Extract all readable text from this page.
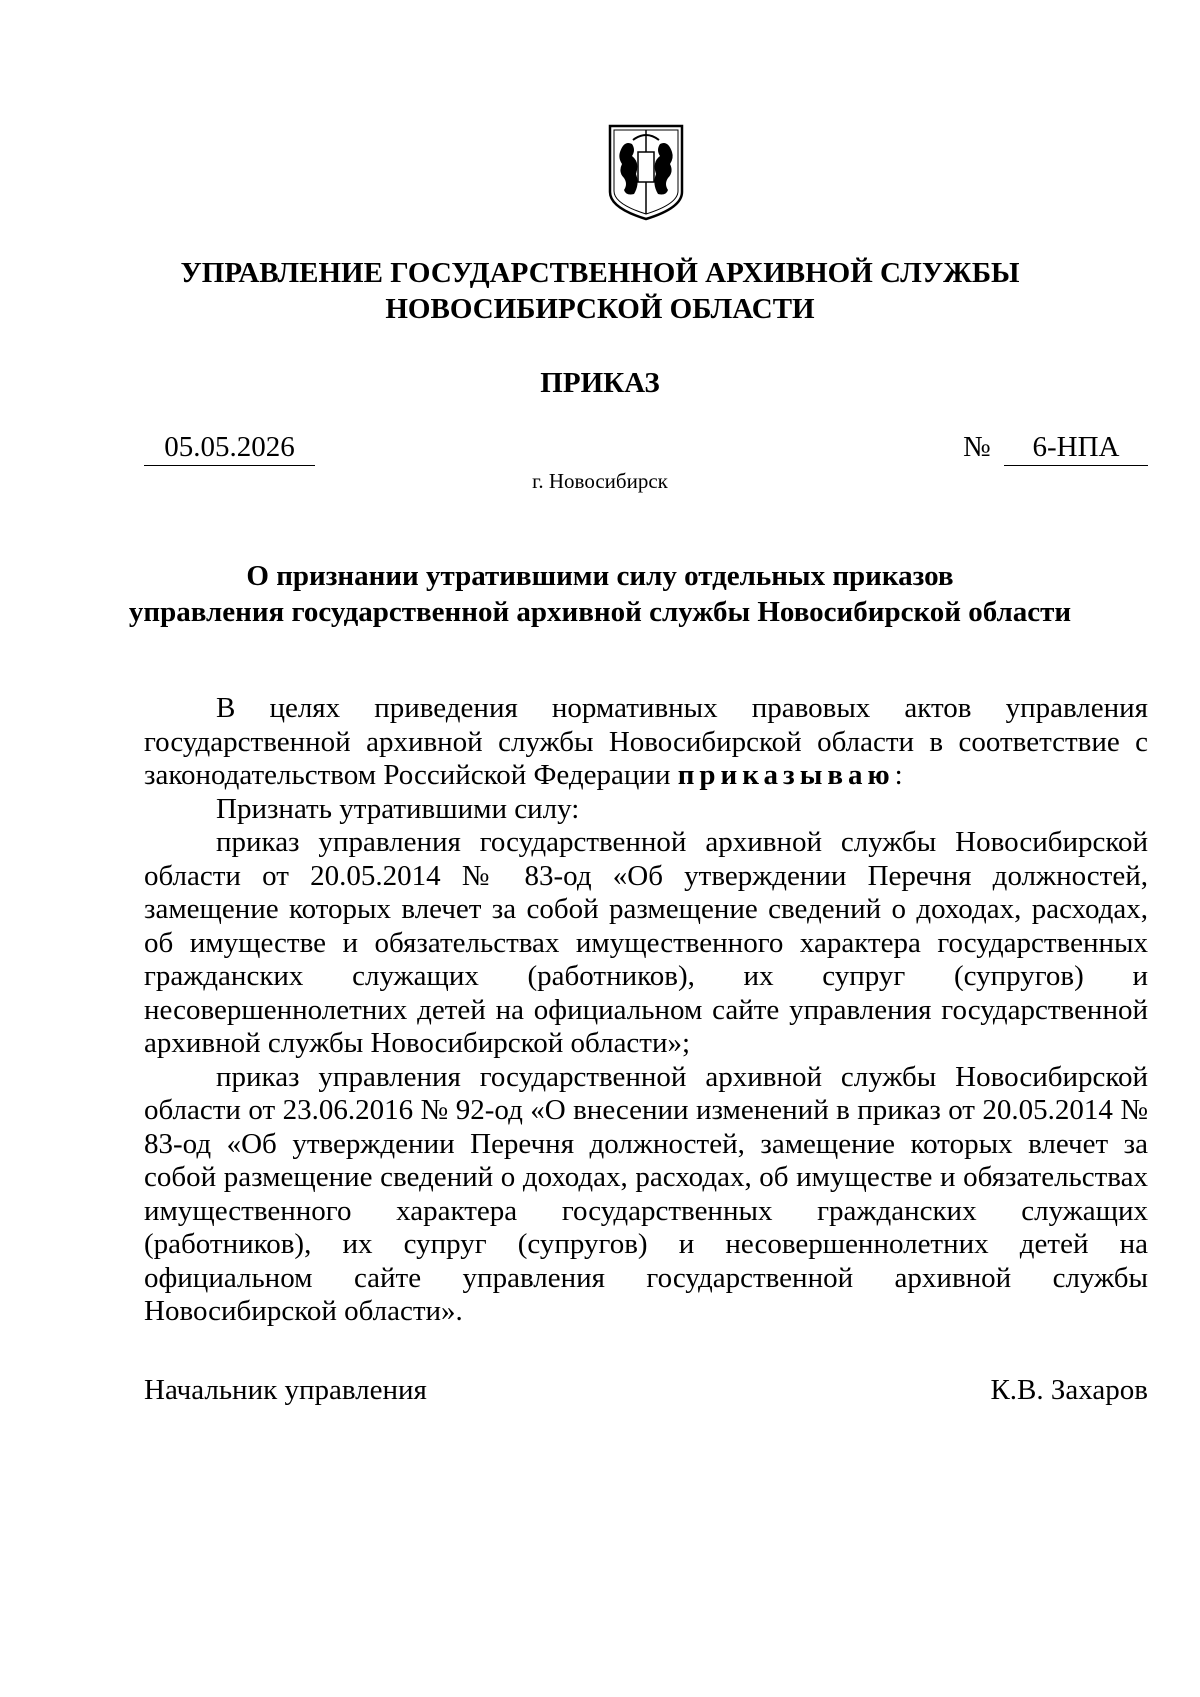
УПРАВЛЕНИЕ ГОСУДАРСТВЕННОЙ АРХИВНОЙ СЛУЖБЫ
НОВОСИБИРСКОЙ ОБЛАСТИ
ПРИКАЗ
05.05.2026	№	6-НПА
г. Новосибирск
О признании утратившими силу отдельных приказов
управления государственной архивной службы Новосибирской области

В целях приведения нормативных правовых актов управления государственной архивной службы Новосибирской области в соответствие с законодательством Российской Федерации приказываю:

Признать утратившими силу:

приказ управления государственной архивной службы Новосибирской области от 20.05.2014 № 83-од «Об утверждении Перечня должностей, замещение которых влечет за собой размещение сведений о доходах, расходах, об имуществе и обязательствах имущественного характера государственных гражданских служащих (работников), их супруг (супругов) и несовершеннолетних детей на официальном сайте управления государственной архивной службы Новосибирской области»;

приказ управления государственной архивной службы Новосибирской области от 23.06.2016 № 92-од «О внесении изменений в приказ от 20.05.2014 № 83-од «Об утверждении Перечня должностей, замещение которых влечет за собой размещение сведений о доходах, расходах, об имуществе и обязательствах имущественного характера государственных гражданских служащих (работников), их супруг (супругов) и несовершеннолетних детей на официальном сайте управления государственной архивной службы Новосибирской области».

Начальник управления	К.В. Захаров
